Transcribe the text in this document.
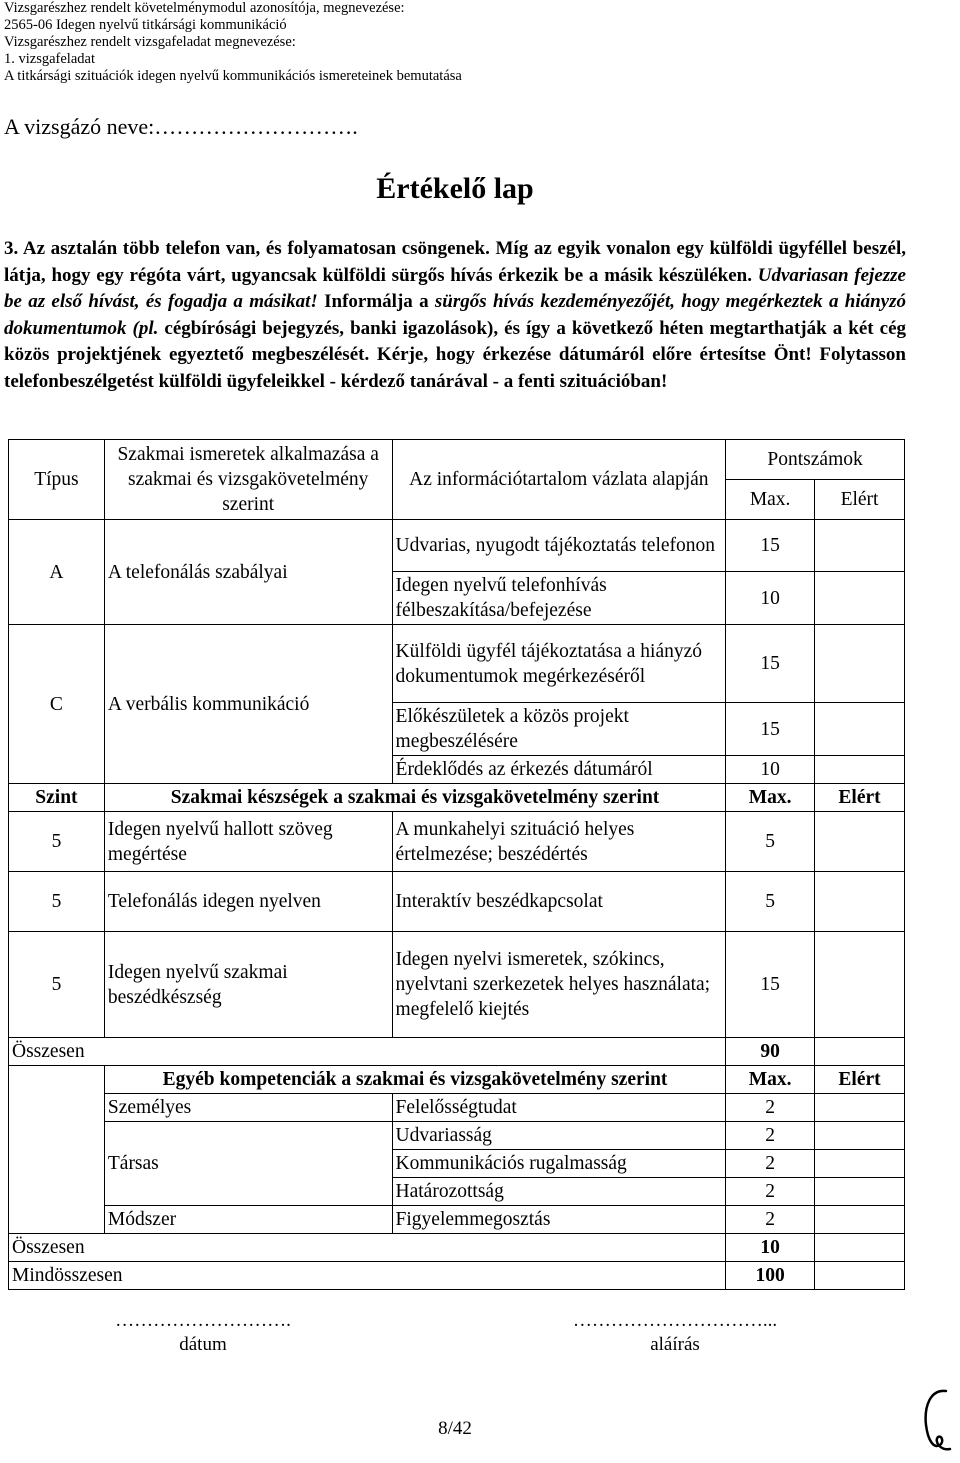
Vizsgarészhez rendelt követelménymodul azonosítója, megnevezése:
2565-06 Idegen nyelvű titkársági kommunikáció
Vizsgarészhez rendelt vizsgafeladat megnevezése:
1. vizsgafeladat
A titkársági szituációk idegen nyelvű kommunikációs ismereteinek bemutatása
A vizsgázó neve:……………………….
Értékelő lap
3. Az asztalán több telefon van, és folyamatosan csöngenek. Míg az egyik vonalon egy külföldi ügyféllel beszél, látja, hogy egy régóta várt, ugyancsak külföldi sürgős hívás érkezik be a másik készüléken. Udvariasan fejezze be az első hívást, és fogadja a másikat! Informálja a sürgős hívás kezdeményezőjét, hogy megérkeztek a hiányzó dokumentumok (pl. cégbírósági bejegyzés, banki igazolások), és így a következő héten megtarthatják a két cég közös projektjének egyeztető megbeszélését. Kérje, hogy érkezése dátumáról előre értesítse Önt! Folytasson telefonbeszélgetést külföldi ügyfeleikkel - kérdező tanárával - a fenti szituációban!
Típus	Szakmai ismeretek alkalmazása a szakmai és vizsgakövetelmény szerint	Az információtartalom vázlata alapján	Pontszámok	
			Max.	Elért
A	A telefonálás szabályai	Udvarias, nyugodt tájékoztatás telefonon	15	
		Idegen nyelvű telefonhívás félbeszakítása/befejezése	10	
C	A verbális kommunikáció	Külföldi ügyfél tájékoztatása a hiányzó dokumentumok megérkezéséről	15	
		Előkészületek a közös projekt megbeszélésére	15	
		Érdeklődés az érkezés dátumáról	10	
Szint	Szakmai készségek a szakmai és vizsgakövetelmény szerint		Max.	Elért
5	Idegen nyelvű hallott szöveg megértése	A munkahelyi szituáció helyes értelmezése; beszédértés	5	
5	Telefonálás idegen nyelven	Interaktív beszédkapcsolat	5	
5	Idegen nyelvű szakmai beszédkészség	Idegen nyelvi ismeretek, szókincs, nyelvtani szerkezetek helyes használata; megfelelő kiejtés	15	
Összesen			90	
	Egyéb kompetenciák a szakmai és vizsgakövetelmény szerint		Max.	Elért
	Személyes	Felelősségtudat	2	
	Társas	Udvariasság	2	
		Kommunikációs rugalmasság	2	
		Határozottság	2	
	Módszer	Figyelemmegosztás	2	
Összesen			10	
Mindösszesen			100	
……………………….
dátum
…………………………...
aláírás
8/42
